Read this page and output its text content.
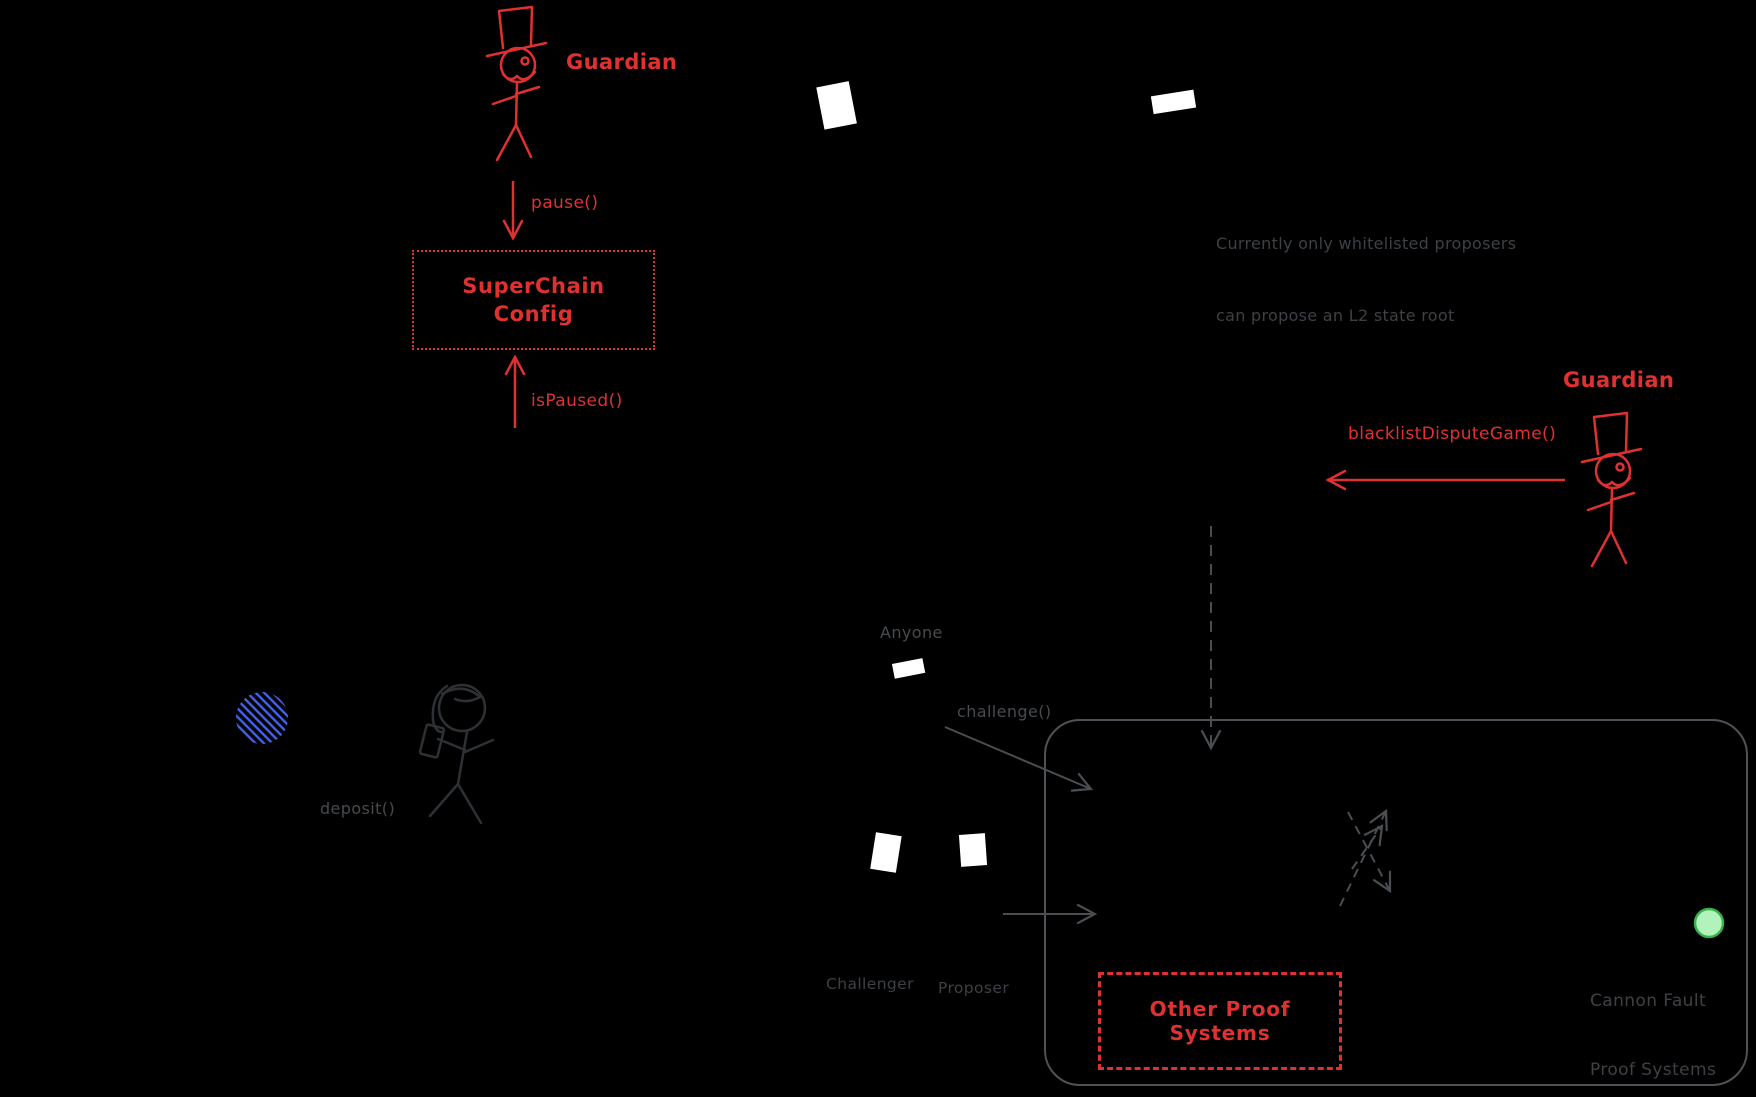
SuperChain
Config
Other Proof Systems
Guardian
pause()
isPaused()
Guardian
blacklistDisputeGame()

Currently only whitelisted proposers

can propose an L2 state root

Anyone
challenge()
deposit()
Challenger Proposer

Cannon Fault

Proof Systems
